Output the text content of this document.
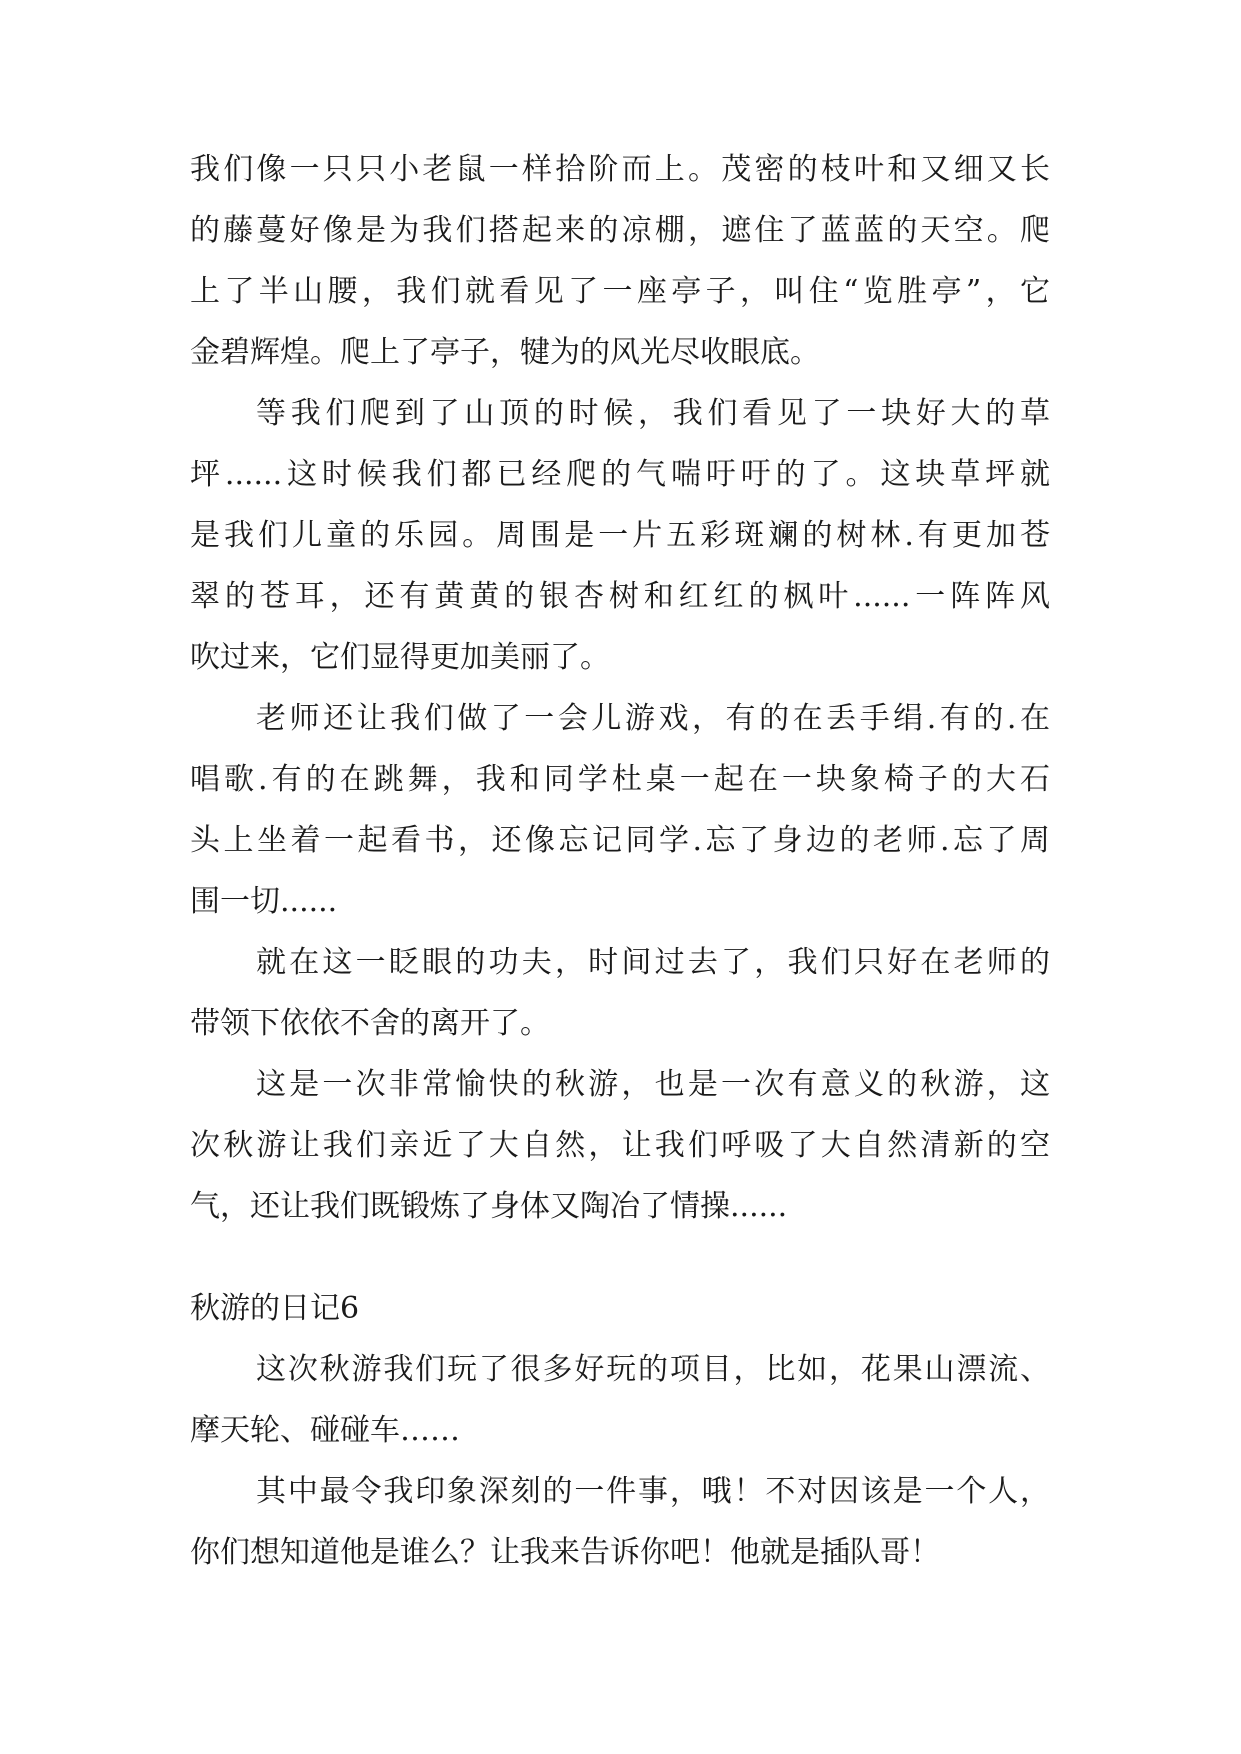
我们像一只只小老鼠一样拾阶而上。茂密的枝叶和又细又长
的藤蔓好像是为我们搭起来的凉棚，遮住了蓝蓝的天空。爬
上了半山腰，我们就看见了一座亭子，叫住“览胜亭”，它
金碧辉煌。爬上了亭子，犍为的风光尽收眼底。
等我们爬到了山顶的时候，我们看见了一块好大的草
坪......这时候我们都已经爬的气喘吁吁的了。这块草坪就
是我们儿童的乐园。周围是一片五彩斑斓的树林.有更加苍
翠的苍耳，还有黄黄的银杏树和红红的枫叶......一阵阵风
吹过来，它们显得更加美丽了。
老师还让我们做了一会儿游戏，有的在丢手绢.有的.在
唱歌.有的在跳舞，我和同学杜桌一起在一块象椅子的大石
头上坐着一起看书，还像忘记同学.忘了身边的老师.忘了周
围一切......
就在这一眨眼的功夫，时间过去了，我们只好在老师的
带领下依依不舍的离开了。
这是一次非常愉快的秋游，也是一次有意义的秋游，这
次秋游让我们亲近了大自然，让我们呼吸了大自然清新的空
气，还让我们既锻炼了身体又陶冶了情操......
秋游的日记6
这次秋游我们玩了很多好玩的项目，比如，花果山漂流、
摩天轮、碰碰车……
其中最令我印象深刻的一件事，哦！不对因该是一个人，
你们想知道他是谁么？让我来告诉你吧！他就是插队哥！
